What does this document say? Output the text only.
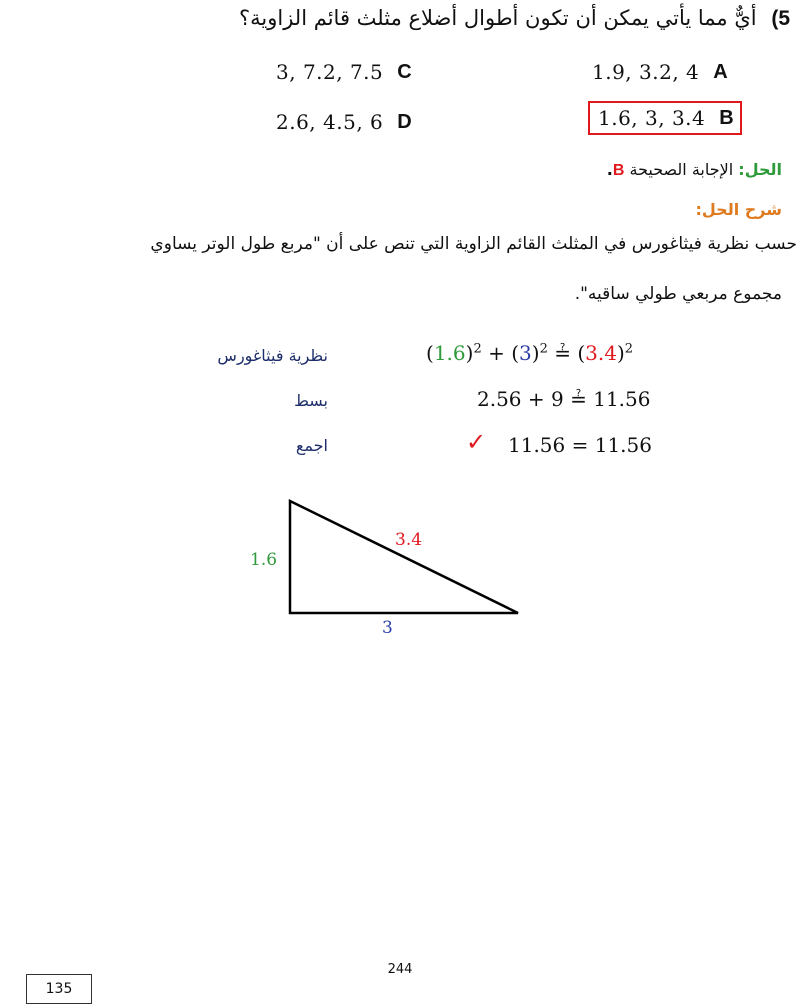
5) أيٌّ مما يأتي يمكن أن تكون أطوال أضلاع مثلث قائم الزاوية؟
1.9, 3.2, 4 A
3, 7.2, 7.5 C
1.6, 3, 3.4 B
2.6, 4.5, 6 D
الحل: الإجابة الصحيحة B.
شرح الحل:
حسب نظرية فيثاغورس في المثلث القائم الزاوية التي تنص على أن "مربع طول الوتر يساوي
مجموع مربعي طولي ساقيه".
نظرية فيثاغورس	$(1.6)^2 + (3)^2$ ≟ $(3.4)^2$
بسط	2.56 + 9 ≟ 11.56
اجمع	✓ 11.56 = 11.56
1.6
3
3.4
244
135
